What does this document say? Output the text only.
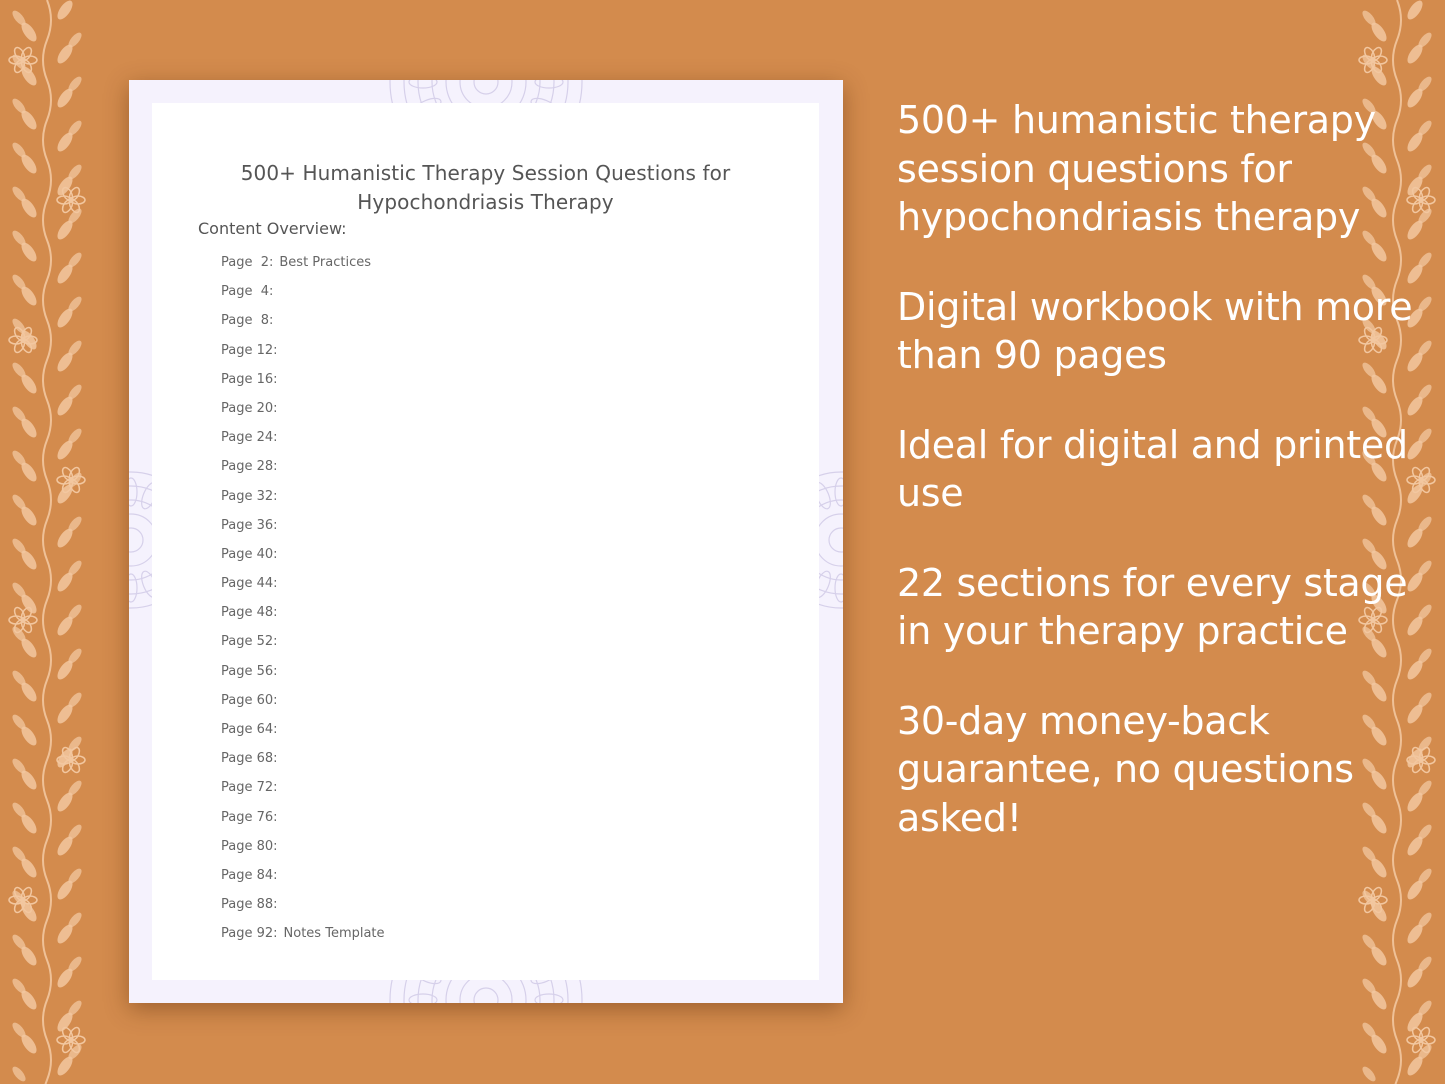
500+ Humanistic Therapy Session Questions for
Hypochondriasis Therapy
Content Overview:
Page  2: Best Practices
Page  4:
Page  8:
Page 12:
Page 16:
Page 20:
Page 24:
Page 28:
Page 32:
Page 36:
Page 40:
Page 44:
Page 48:
Page 52:
Page 56:
Page 60:
Page 64:
Page 68:
Page 72:
Page 76:
Page 80:
Page 84:
Page 88:
Page 92: Notes Template

500+ humanistic therapy session questions for hypochondriasis therapy

Digital workbook with more than 90 pages

Ideal for digital and printed use

22 sections for every stage in your therapy practice

30-day money-back guarantee, no questions asked!
